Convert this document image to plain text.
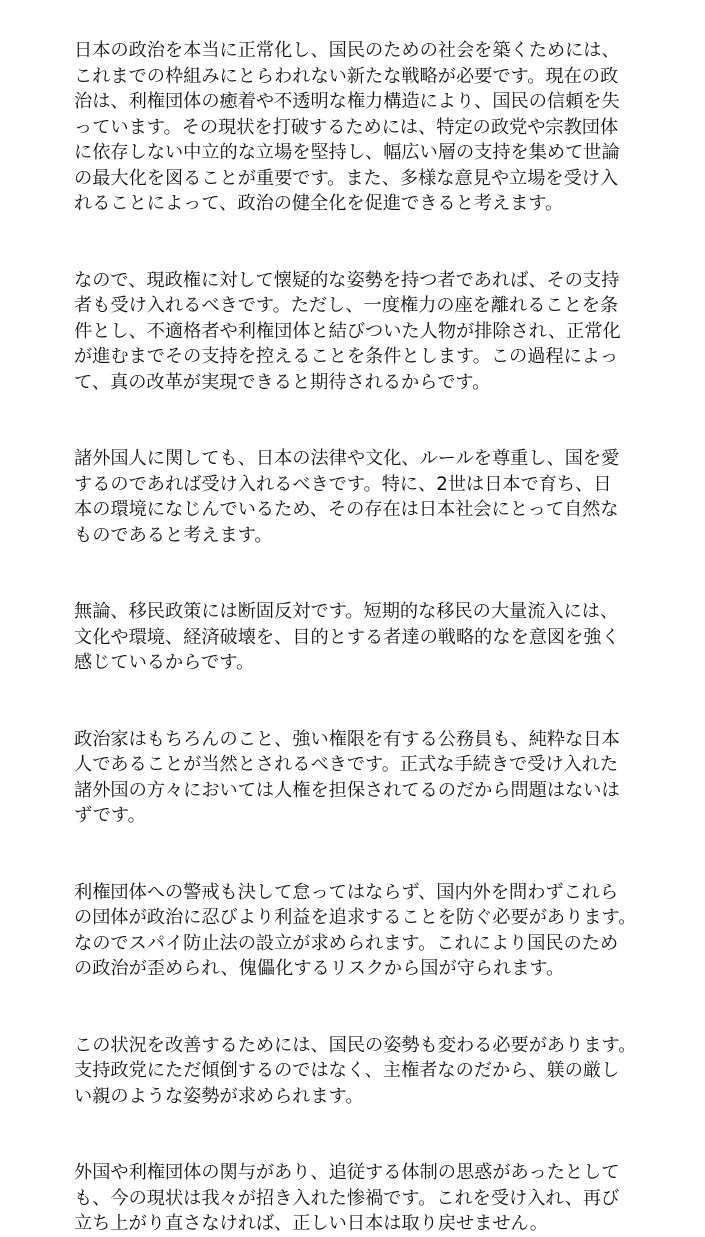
日本の政治を本当に正常化し、国民のための社会を築くためには、
これまでの枠組みにとらわれない新たな戦略が必要です。現在の政
治は、利権団体の癒着や不透明な権力構造により、国民の信頼を失
っています。その現状を打破するためには、特定の政党や宗教団体
に依存しない中立的な立場を堅持し、幅広い層の支持を集めて世論
の最大化を図ることが重要です。また、多様な意見や立場を受け入
れることによって、政治の健全化を促進できると考えます。
なので、現政権に対して懐疑的な姿勢を持つ者であれば、その支持
者も受け入れるべきです。ただし、一度権力の座を離れることを条
件とし、不適格者や利権団体と結びついた人物が排除され、正常化
が進むまでその支持を控えることを条件とします。この過程によっ
て、真の改革が実現できると期待されるからです。
諸外国人に関しても、日本の法律や文化、ルールを尊重し、国を愛
するのであれば受け入れるべきです。特に、2世は日本で育ち、日
本の環境になじんでいるため、その存在は日本社会にとって自然な
ものであると考えます。
無論、移民政策には断固反対です。短期的な移民の大量流入には、
文化や環境、経済破壊を、目的とする者達の戦略的なを意図を強く
感じているからです。
政治家はもちろんのこと、強い権限を有する公務員も、純粋な日本
人であることが当然とされるべきです。正式な手続きで受け入れた
諸外国の方々においては人権を担保されてるのだから問題はないは
ずです。
利権団体への警戒も決して怠ってはならず、国内外を問わずこれら
の団体が政治に忍びより利益を追求することを防ぐ必要があります。
なのでスパイ防止法の設立が求められます。これにより国民のため
の政治が歪められ、傀儡化するリスクから国が守られます。
この状況を改善するためには、国民の姿勢も変わる必要があります。
支持政党にただ傾倒するのではなく、主権者なのだから、躾の厳し
い親のような姿勢が求められます。
外国や利権団体の関与があり、追従する体制の思惑があったとして
も、今の現状は我々が招き入れた惨禍です。これを受け入れ、再び
立ち上がり直さなければ、正しい日本は取り戻せません。
